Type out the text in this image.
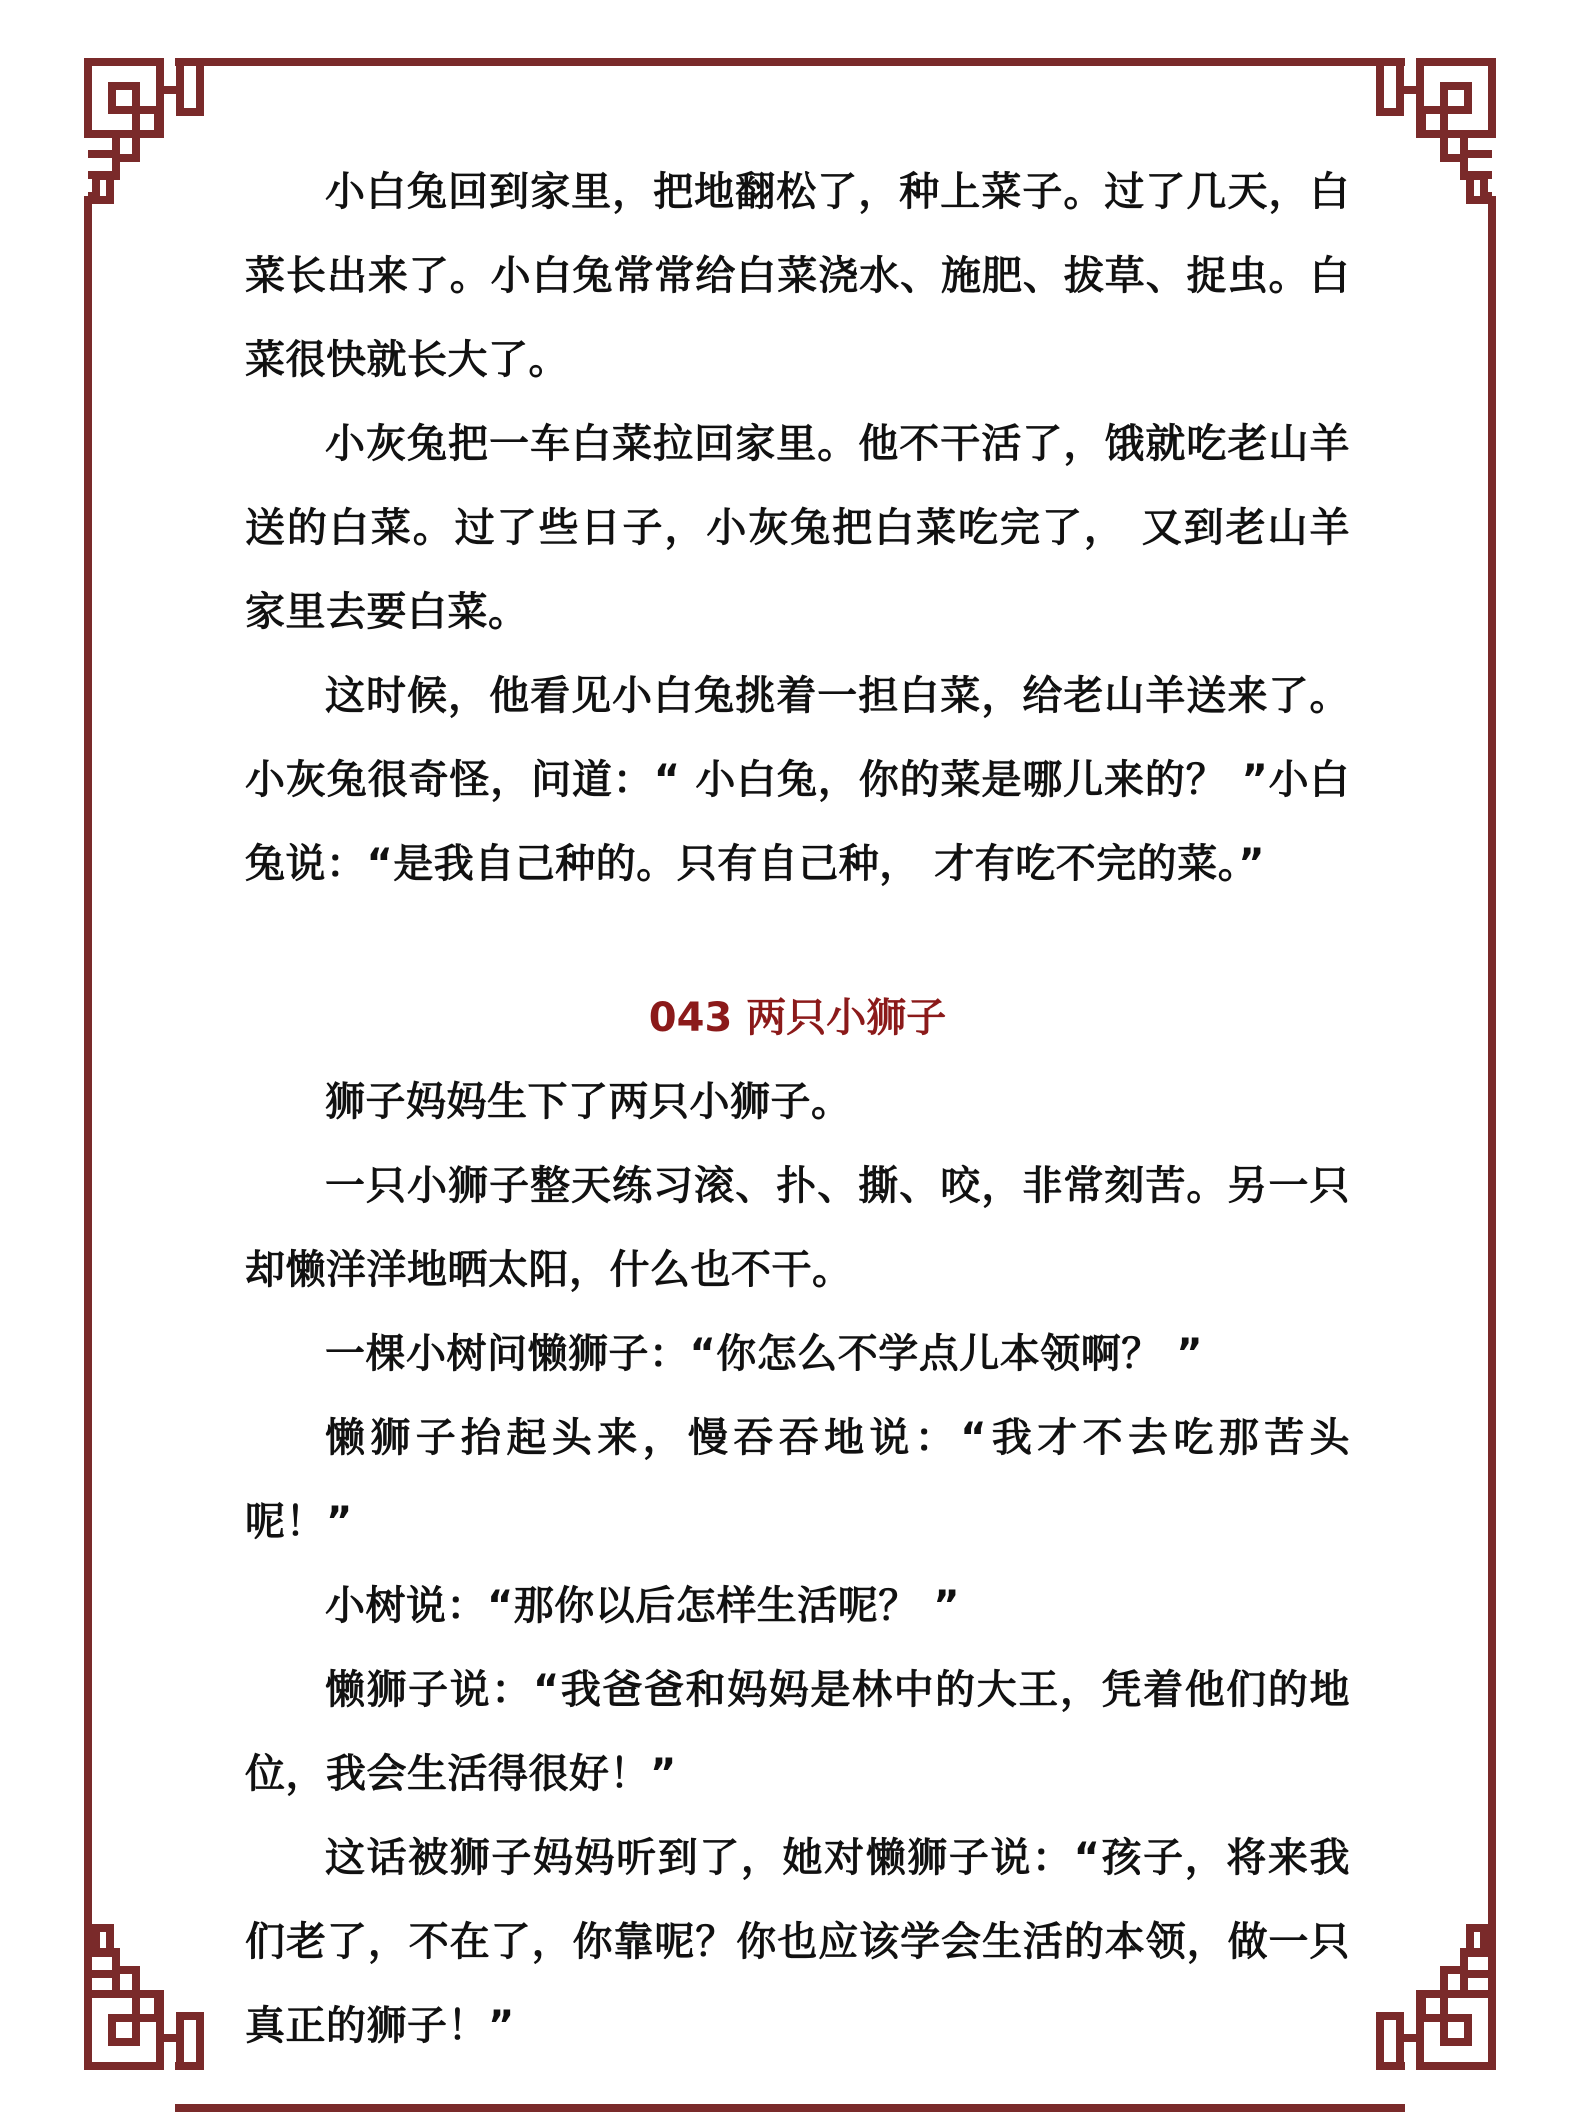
小白兔回到家里，把地翻松了，种上菜子。过了几天，白菜长出来了。小白兔常常给白菜浇水、施肥、拔草、捉虫。白菜很快就长大了。

小灰兔把一车白菜拉回家里。他不干活了，饿就吃老山羊送的白菜。过了些日子，小灰兔把白菜吃完了， 又到老山羊家里去要白菜。

这时候，他看见小白兔挑着一担白菜，给老山羊送来了。小灰兔很奇怪，问道：“ 小白兔，你的菜是哪儿来的？ ”小白兔说：“是我自己种的。只有自己种， 才有吃不完的菜。”

043 两只小狮子

狮子妈妈生下了两只小狮子。

一只小狮子整天练习滚、扑、撕、咬，非常刻苦。另一只却懒洋洋地晒太阳，什么也不干。

一棵小树问懒狮子：“你怎么不学点儿本领啊？ ”

懒狮子抬起头来，慢吞吞地说：“我才不去吃那苦头呢！”

小树说：“那你以后怎样生活呢？ ”

懒狮子说：“我爸爸和妈妈是林中的大王，凭着他们的地位，我会生活得很好！”

这话被狮子妈妈听到了，她对懒狮子说：“孩子，将来我们老了，不在了，你靠呢？你也应该学会生活的本领，做一只真正的狮子！”
